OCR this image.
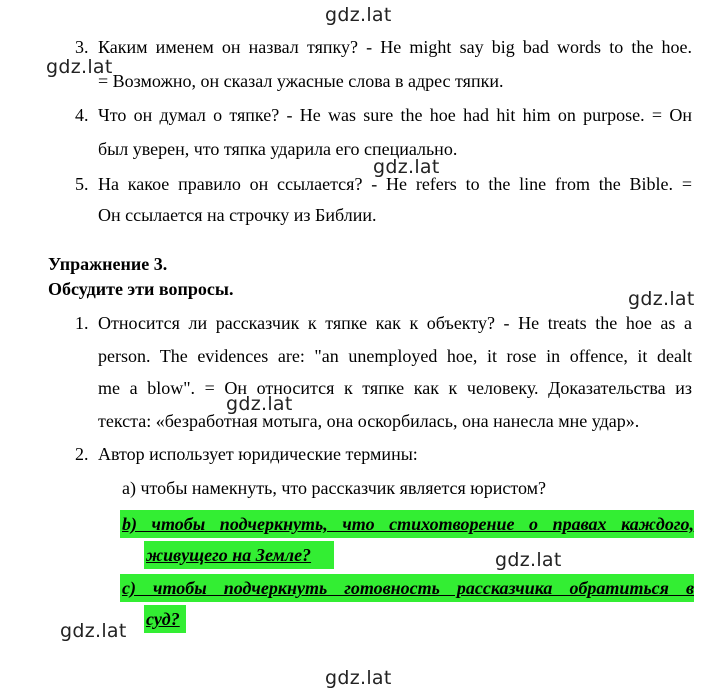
gdz.lat
gdz.lat
gdz.lat
gdz.lat
gdz.lat
gdz.lat
gdz.lat
gdz.lat
3. Каким именем он назвал тяпку? - He might say big bad words to the hoe.
= Возможно, он сказал ужасные слова в адрес тяпки.
4. Что он думал о тяпке? - He was sure the hoe had hit him on purpose. = Он
был уверен, что тяпка ударила его специально.
5. На какое правило он ссылается? - He refers to the line from the Bible. =
Он ссылается на строчку из Библии.
Упражнение 3.
Обсудите эти вопросы.
1. Относится ли рассказчик к тяпке как к объекту? - He treats the hoe as a
person. The evidences are: "an unemployed hoe, it rose in offence, it dealt
me a blow". = Он относится к тяпке как к человеку. Доказательства из
текста: «безработная мотыга, она оскорбилась, она нанесла мне удар».
2. Автор использует юридические термины:
a) чтобы намекнуть, что рассказчик является юристом?
b) чтобы подчеркнуть, что стихотворение о правах каждого,
живущего на Земле?
c) чтобы подчеркнуть готовность рассказчика обратиться в
суд?
